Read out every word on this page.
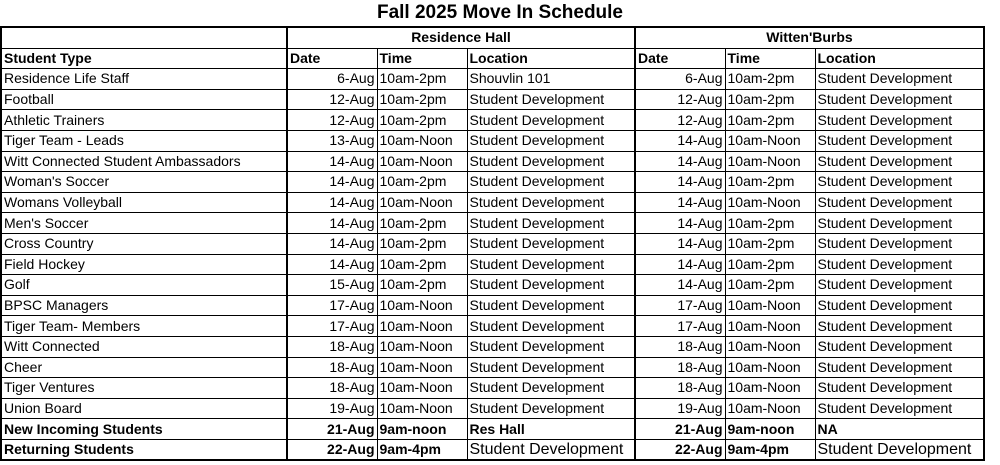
Fall 2025 Move In Schedule
	Residence Hall			Witten'Burbs		
Student Type	Date	Time	Location	Date	Time	Location
Residence Life Staff	6-Aug	10am-2pm	Shouvlin 101	6-Aug	10am-2pm	Student Development
Football	12-Aug	10am-2pm	Student Development	12-Aug	10am-2pm	Student Development
Athletic Trainers	12-Aug	10am-2pm	Student Development	12-Aug	10am-2pm	Student Development
Tiger Team - Leads	13-Aug	10am-Noon	Student Development	14-Aug	10am-Noon	Student Development
Witt Connected Student Ambassadors	14-Aug	10am-Noon	Student Development	14-Aug	10am-Noon	Student Development
Woman's Soccer	14-Aug	10am-2pm	Student Development	14-Aug	10am-2pm	Student Development
Womans Volleyball	14-Aug	10am-Noon	Student Development	14-Aug	10am-Noon	Student Development
Men's Soccer	14-Aug	10am-2pm	Student Development	14-Aug	10am-2pm	Student Development
Cross Country	14-Aug	10am-2pm	Student Development	14-Aug	10am-2pm	Student Development
Field Hockey	14-Aug	10am-2pm	Student Development	14-Aug	10am-2pm	Student Development
Golf	15-Aug	10am-2pm	Student Development	14-Aug	10am-2pm	Student Development
BPSC Managers	17-Aug	10am-Noon	Student Development	17-Aug	10am-Noon	Student Development
Tiger Team- Members	17-Aug	10am-Noon	Student Development	17-Aug	10am-Noon	Student Development
Witt Connected	18-Aug	10am-Noon	Student Development	18-Aug	10am-Noon	Student Development
Cheer	18-Aug	10am-Noon	Student Development	18-Aug	10am-Noon	Student Development
Tiger Ventures	18-Aug	10am-Noon	Student Development	18-Aug	10am-Noon	Student Development
Union Board	19-Aug	10am-Noon	Student Development	19-Aug	10am-Noon	Student Development
New Incoming Students	21-Aug	9am-noon	Res Hall	21-Aug	9am-noon	NA
Returning Students	22-Aug	9am-4pm	Student Development	22-Aug	9am-4pm	Student Development
